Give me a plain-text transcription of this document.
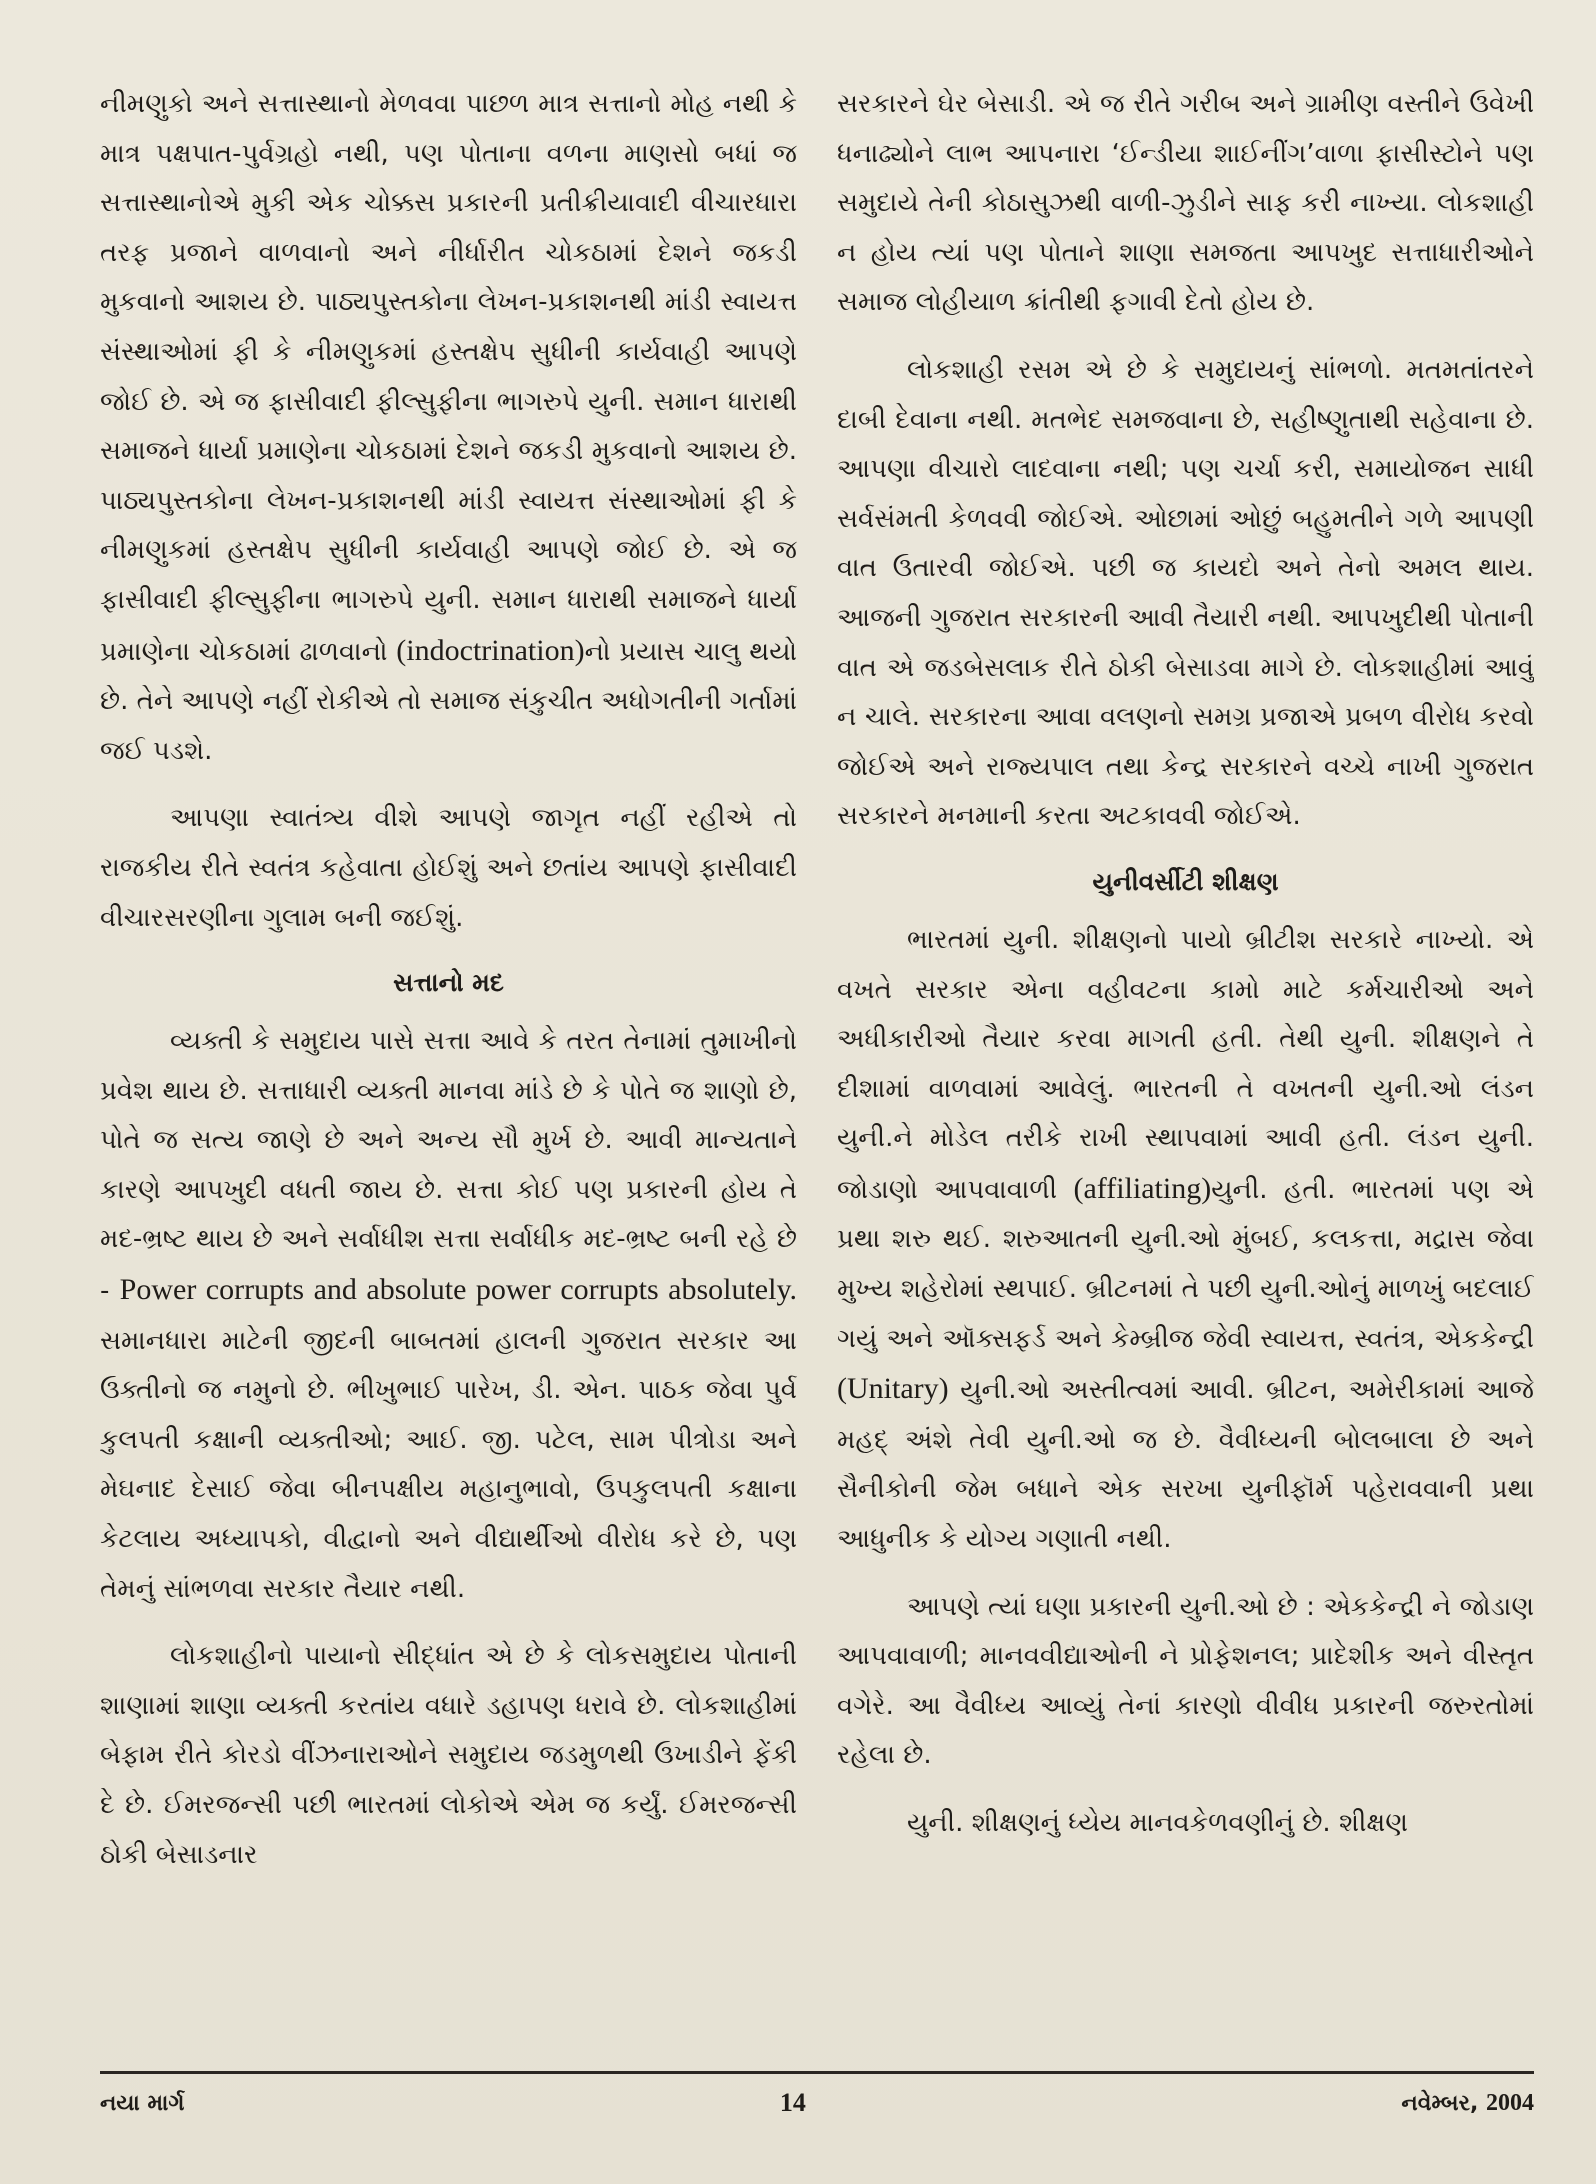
નીમણુકો અને સત્તાસ્થાનો મેળવવા પાછળ માત્ર સત્તાનો મોહ નથી કે માત્ર પક્ષપાત-પુર્વગ્રહો નથી, પણ પોતાના વળના માણસો બધાં જ સત્તાસ્થાનોએ મુકી એક ચોક્કસ પ્રકારની પ્રતીક્રીયાવાદી વીચારધારા તરફ પ્રજાને વાળવાનો અને નીર્ધારીત ચોકઠામાં દેશને જકડી મુકવાનો આશય છે. પાઠ્યપુસ્તકોના લેખન-પ્રકાશનથી માંડી સ્વાયત્ત સંસ્થાઓમાં ફી કે નીમણુકમાં હસ્તક્ષેપ સુધીની કાર્યવાહી આપણે જોઈ છે. એ જ ફાસીવાદી ફીલ્સુફીના ભાગરુપે યુની. સમાન ધારાથી સમાજને ધાર્યા પ્રમાણેના ચોકઠામાં દેશને જકડી મુકવાનો આશય છે. પાઠ્યપુસ્તકોના લેખન-પ્રકાશનથી માંડી સ્વાયત્ત સંસ્થાઓમાં ફી કે નીમણુકમાં હસ્તક્ષેપ સુધીની કાર્યવાહી આપણે જોઈ છે. એ જ ફાસીવાદી ફીલ્સુફીના ભાગરુપે યુની. સમાન ધારાથી સમાજને ધાર્યા પ્રમાણેના ચોકઠામાં ઢાળવાનો (indoctrination)નો પ્રયાસ ચાલુ થયો છે. તેને આપણે નહીં રોકીએ તો સમાજ સંકુચીત અધોગતીની ગર્તામાં જઈ પડશે.

આપણા સ્વાતંત્ર્ય વીશે આપણે જાગૃત નહીં રહીએ તો રાજકીય રીતે સ્વતંત્ર કહેવાતા હોઈશું અને છતાંય આપણે ફાસીવાદી વીચારસરણીના ગુલામ બની જઈશું.

સત્તાનો મદ

વ્યક્તી કે સમુદાય પાસે સત્તા આવે કે તરત તેનામાં તુમાખીનો પ્રવેશ થાય છે. સત્તાધારી વ્યક્તી માનવા માંડે છે કે પોતે જ શાણો છે, પોતે જ સત્ય જાણે છે અને અન્ય સૌ મુર્ખ છે. આવી માન્યતાને કારણે આપખુદી વધતી જાય છે. સત્તા કોઈ પણ પ્રકારની હોય તે મદ-ભ્રષ્ટ થાય છે અને સર્વાધીશ સત્તા સર્વાધીક મદ-ભ્રષ્ટ બની રહે છે - Power corrupts and absolute power corrupts absolutely. સમાનધારા માટેની જીદની બાબતમાં હાલની ગુજરાત સરકાર આ ઉક્તીનો જ નમુનો છે. ભીખુભાઈ પારેખ, ડી. એન. પાઠક જેવા પુર્વ કુલપતી કક્ષાની વ્યક્તીઓ; આઈ. જી. પટેલ, સામ પીત્રોડા અને મેઘનાદ દેસાઈ જેવા બીનપક્ષીય મહાનુભાવો, ઉપકુલપતી કક્ષાના કેટલાય અધ્યાપકો, વીદ્વાનો અને વીદ્યાર્થીઓ વીરોધ કરે છે, પણ તેમનું સાંભળવા સરકાર તૈયાર નથી.

લોકશાહીનો પાયાનો સીદ્ધાંત એ છે કે લોકસમુદાય પોતાની શાણામાં શાણા વ્યક્તી કરતાંય વધારે ડહાપણ ધરાવે છે. લોકશાહીમાં બેફામ રીતે કોરડો વીંઝનારાઓને સમુદાય જડમુળથી ઉખાડીને ફેંકી દે છે. ઈમરજન્સી પછી ભારતમાં લોકોએ એમ જ કર્યું. ઈમરજન્સી ઠોકી બેસાડનાર

સરકારને ઘેર બેસાડી. એ જ રીતે ગરીબ અને ગ્રામીણ વસ્તીને ઉવેખી ધનાઢ્યોને લાભ આપનારા ‘ઈન્ડીયા શાઈનીંગ’વાળા ફાસીસ્ટોને પણ સમુદાયે તેની કોઠાસુઝથી વાળી-ઝુડીને સાફ કરી નાખ્યા. લોકશાહી ન હોય ત્યાં પણ પોતાને શાણા સમજતા આપખુદ સત્તાધારીઓને સમાજ લોહીયાળ ક્રાંતીથી ફગાવી દેતો હોય છે.

લોકશાહી રસમ એ છે કે સમુદાયનું સાંભળો. મતમતાંતરને દાબી દેવાના નથી. મતભેદ સમજવાના છે, સહીષ્ણુતાથી સહેવાના છે. આપણા વીચારો લાદવાના નથી; પણ ચર્ચા કરી, સમાયોજન સાધી સર્વસંમતી કેળવવી જોઈએ. ઓછામાં ઓછું બહુમતીને ગળે આપણી વાત ઉતારવી જોઈએ. પછી જ કાયદો અને તેનો અમલ થાય. આજની ગુજરાત સરકારની આવી તૈયારી નથી. આપખુદીથી પોતાની વાત એ જડબેસલાક રીતે ઠોકી બેસાડવા માગે છે. લોકશાહીમાં આવું ન ચાલે. સરકારના આવા વલણનો સમગ્ર પ્રજાએ પ્રબળ વીરોધ કરવો જોઈએ અને રાજ્યપાલ તથા કેન્દ્ર સરકારને વચ્ચે નાખી ગુજરાત સરકારને મનમાની કરતા અટકાવવી જોઈએ.

યુનીવર્સીટી શીક્ષણ

ભારતમાં યુની. શીક્ષણનો પાયો બ્રીટીશ સરકારે નાખ્યો. એ વખતે સરકાર એના વહીવટના કામો માટે કર્મચારીઓ અને અધીકારીઓ તૈયાર કરવા માગતી હતી. તેથી યુની. શીક્ષણને તે દીશામાં વાળવામાં આવેલું. ભારતની તે વખતની યુની.ઓ લંડન યુની.ને મોડેલ તરીકે રાખી સ્થાપવામાં આવી હતી. લંડન યુની. જોડાણો આપવાવાળી (affiliating)યુની. હતી. ભારતમાં પણ એ પ્રથા શરુ થઈ. શરુઆતની યુની.ઓ મુંબઈ, કલકત્તા, મદ્રાસ જેવા મુખ્ય શહેરોમાં સ્થપાઈ. બ્રીટનમાં તે પછી યુની.ઓનું માળખું બદલાઈ ગયું અને ઑક્સફર્ડ અને કેમ્બ્રીજ જેવી સ્વાયત્ત, સ્વતંત્ર, એકકેન્દ્રી (Unitary) યુની.ઓ અસ્તીત્વમાં આવી. બ્રીટન, અમેરીકામાં આજે મહદ્ અંશે તેવી યુની.ઓ જ છે. વૈવીધ્યની બોલબાલા છે અને સૈનીકોની જેમ બધાને એક સરખા યુનીફૉર્મ પહેરાવવાની પ્રથા આધુનીક કે યોગ્ય ગણાતી નથી.

આપણે ત્યાં ઘણા પ્રકારની યુની.ઓ છે : એકકેન્દ્રી ને જોડાણ આપવાવાળી; માનવવીદ્યાઓની ને પ્રોફેશનલ; પ્રાદેશીક અને વીસ્તૃત વગેરે. આ વૈવીધ્ય આવ્યું તેનાં કારણો વીવીધ પ્રકારની જરુરતોમાં રહેલા છે.

યુની. શીક્ષણનું ધ્યેય માનવકેળવણીનું છે. શીક્ષણ

નયા માર્ગ	14	નવેમ્બર, 2004
